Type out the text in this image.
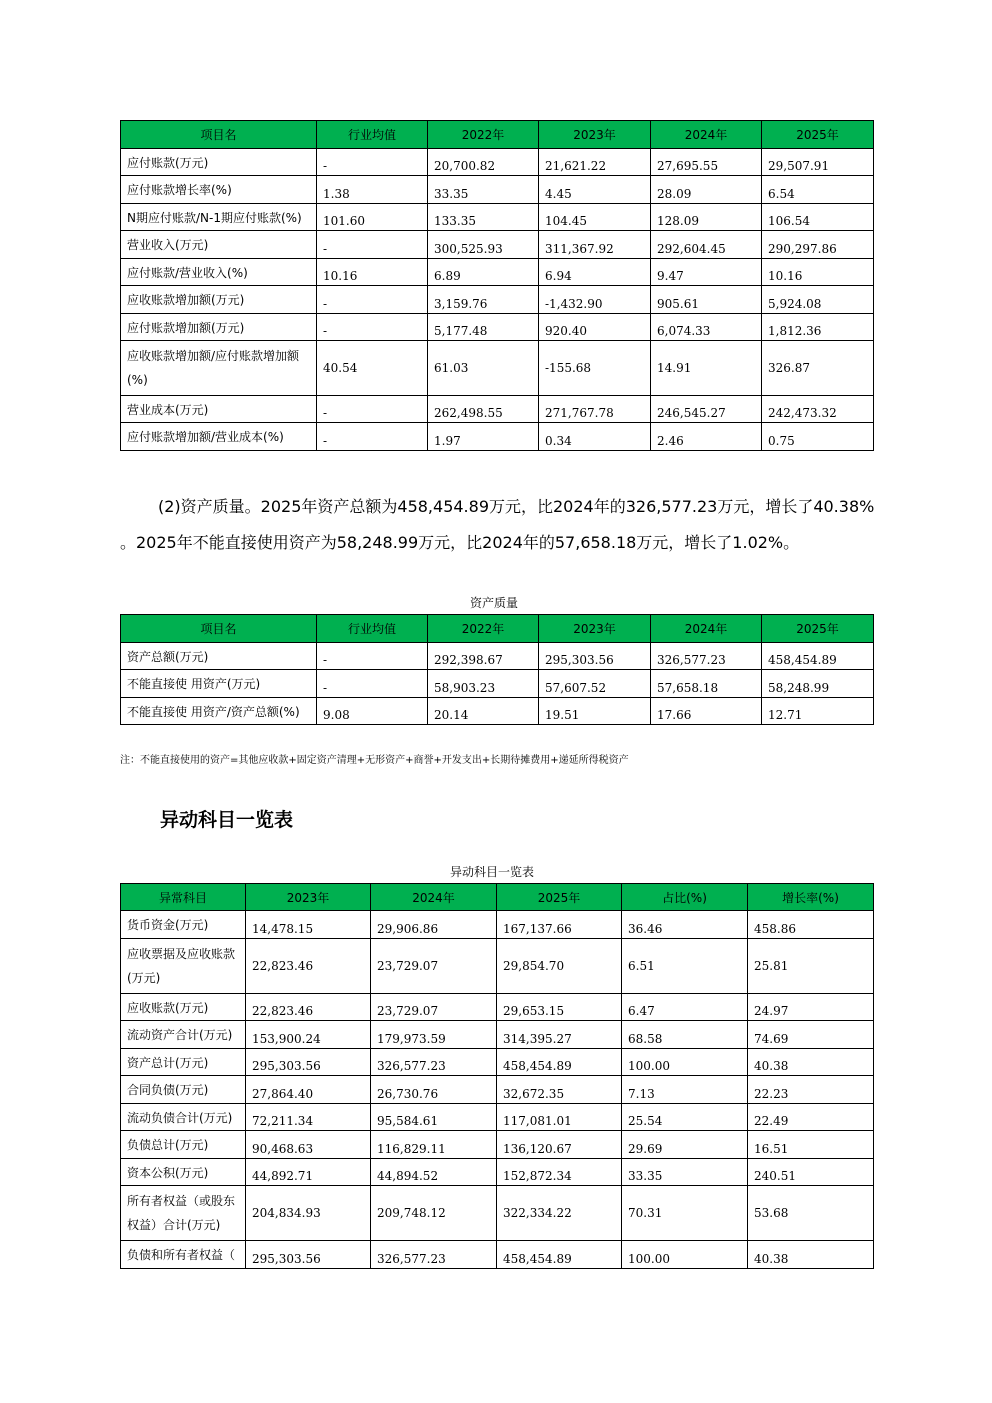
项目名	行业均值	2022年	2023年	2024年	2025年
应付账款(万元)	-	20,700.82	21,621.22	27,695.55	29,507.91
应付账款增长率(%)	1.38	33.35	4.45	28.09	6.54
N期应付账款/N-1期应付账款(%)	101.60	133.35	104.45	128.09	106.54
营业收入(万元)	-	300,525.93	311,367.92	292,604.45	290,297.86
应付账款/营业收入(%)	10.16	6.89	6.94	9.47	10.16
应收账款增加额(万元)	-	3,159.76	-1,432.90	905.61	5,924.08
应付账款增加额(万元)	-	5,177.48	920.40	6,074.33	1,812.36
应收账款增加额/应付账款增加额(%)	40.54	61.03	-155.68	14.91	326.87
营业成本(万元)	-	262,498.55	271,767.78	246,545.27	242,473.32
应付账款增加额/营业成本(%)	-	1.97	0.34	2.46	0.75
(2)资产质量。2025年资产总额为458,454.89万元，比2024年的326,577.23万元，增长了40.38%
。2025年不能直接使用资产为58,248.99万元，比2024年的57,658.18万元，增长了1.02%。
资产质量
项目名	行业均值	2022年	2023年	2024年	2025年
资产总额(万元)	-	292,398.67	295,303.56	326,577.23	458,454.89
不能直接使 用资产(万元)	-	58,903.23	57,607.52	57,658.18	58,248.99
不能直接使 用资产/资产总额(%)	9.08	20.14	19.51	17.66	12.71
注：不能直接使用的资产=其他应收款+固定资产清理+无形资产+商誉+开发支出+长期待摊费用+递延所得税资产
异动科目一览表
异动科目一览表
异常科目	2023年	2024年	2025年	占比(%)	增长率(%)
货币资金(万元)	14,478.15	29,906.86	167,137.66	36.46	458.86
应收票据及应收账款(万元)	22,823.46	23,729.07	29,854.70	6.51	25.81
应收账款(万元)	22,823.46	23,729.07	29,653.15	6.47	24.97
流动资产合计(万元)	153,900.24	179,973.59	314,395.27	68.58	74.69
资产总计(万元)	295,303.56	326,577.23	458,454.89	100.00	40.38
合同负债(万元)	27,864.40	26,730.76	32,672.35	7.13	22.23
流动负债合计(万元)	72,211.34	95,584.61	117,081.01	25.54	22.49
负债总计(万元)	90,468.63	116,829.11	136,120.67	29.69	16.51
资本公积(万元)	44,892.71	44,894.52	152,872.34	33.35	240.51
所有者权益（或股东权益）合计(万元)	204,834.93	209,748.12	322,334.22	70.31	53.68
负债和所有者权益（	295,303.56	326,577.23	458,454.89	100.00	40.38
